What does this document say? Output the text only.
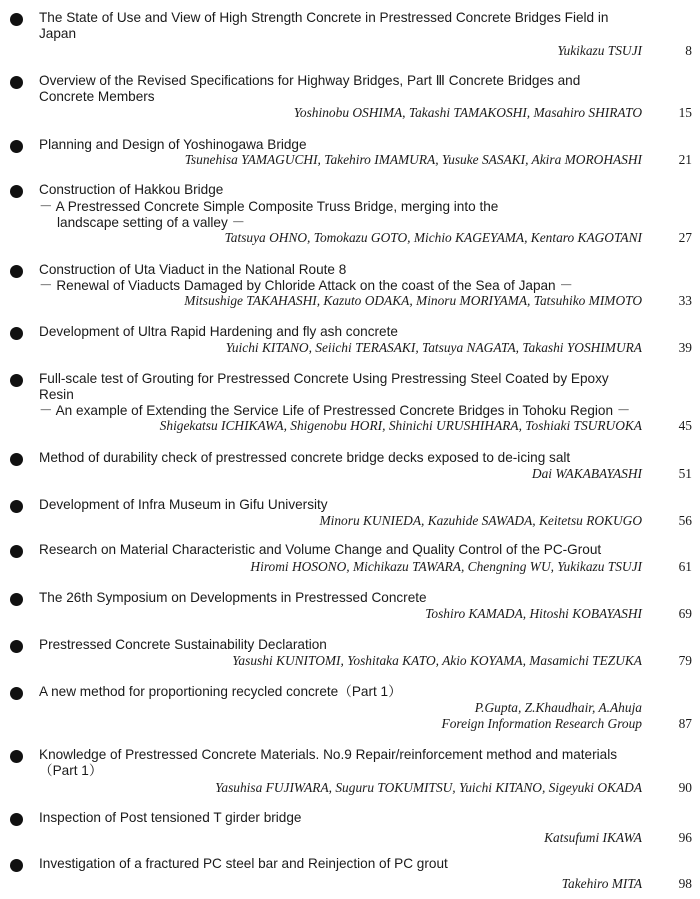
The State of Use and View of High Strength Concrete in Prestressed Concrete Bridges Field in Japan
Yukikazu TSUJI	8
Overview of the Revised Specifications for Highway Bridges, Part Ⅲ Concrete Bridges and Concrete Members
Yoshinobu OSHIMA, Takashi TAMAKOSHI, Masahiro SHIRATO	15
Planning and Design of Yoshinogawa Bridge
Tsunehisa YAMAGUCHI, Takehiro IMAMURA, Yusuke SASAKI, Akira MOROHASHI	21
Construction of Hakkou Bridge
－ A Prestressed Concrete Simple Composite Truss Bridge, merging into the
landscape setting of a valley －
Tatsuya OHNO, Tomokazu GOTO, Michio KAGEYAMA, Kentaro KAGOTANI	27
Construction of Uta Viaduct in the National Route 8
－ Renewal of Viaducts Damaged by Chloride Attack on the coast of the Sea of Japan －
Mitsushige TAKAHASHI, Kazuto ODAKA, Minoru MORIYAMA, Tatsuhiko MIMOTO	33
Development of Ultra Rapid Hardening and fly ash concrete
Yuichi KITANO, Seiichi TERASAKI, Tatsuya NAGATA, Takashi YOSHIMURA	39
Full-scale test of Grouting for Prestressed Concrete Using Prestressing Steel Coated by Epoxy Resin
－ An example of Extending the Service Life of Prestressed Concrete Bridges in Tohoku Region －
Shigekatsu ICHIKAWA, Shigenobu HORI, Shinichi URUSHIHARA, Toshiaki TSURUOKA	45
Method of durability check of prestressed concrete bridge decks exposed to de-icing salt
Dai WAKABAYASHI	51
Development of Infra Museum in Gifu University
Minoru KUNIEDA, Kazuhide SAWADA, Keitetsu ROKUGO	56
Research on Material Characteristic and Volume Change and Quality Control of the PC-Grout
Hiromi HOSONO, Michikazu TAWARA, Chengning WU, Yukikazu TSUJI	61
The 26th Symposium on Developments in Prestressed Concrete
Toshiro KAMADA, Hitoshi KOBAYASHI	69
Prestressed Concrete Sustainability Declaration
Yasushi KUNITOMI, Yoshitaka KATO, Akio KOYAMA, Masamichi TEZUKA	79
A new method for proportioning recycled concrete（Part 1）
P.Gupta, Z.Khaudhair, A.Ahuja
Foreign Information Research Group	87
Knowledge of Prestressed Concrete Materials. No.9 Repair/reinforcement method and materials（Part 1）
Yasuhisa FUJIWARA, Suguru TOKUMITSU, Yuichi KITANO, Sigeyuki OKADA	90
Inspection of Post tensioned T girder bridge
Katsufumi IKAWA	96
Investigation of a fractured PC steel bar and Reinjection of PC grout
Takehiro MITA	98
